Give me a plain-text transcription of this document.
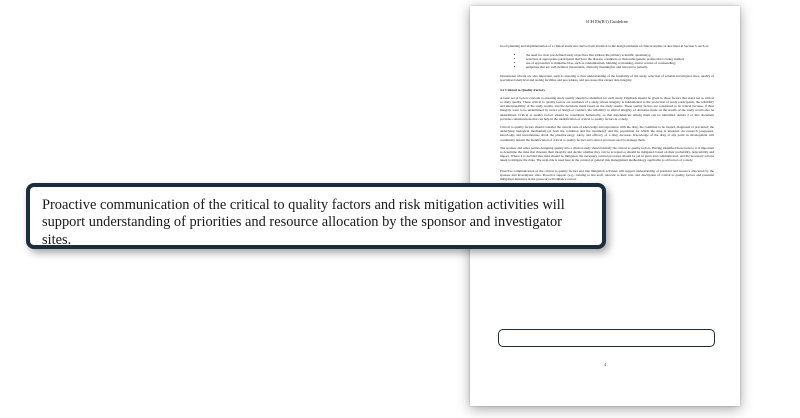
ICH E6(R1) Guideline

Good planning and implementation of a clinical study also derive from attention to the design elements of clinical studies as described in Section 5, such as:

•	the need for clear pre-defined study objectives that address the primary scientific question(s);
•	selection of appropriate participants that have the disease, condition, or molecular/genetic profile that is being studied;
•	use of approaches to minimise bias, such as randomisation, blinding or masking, and/or control of confounding;
•	endpoints that are well-defined, measurable, clinically meaningful, and relevant to patients.

Operational criteria are also important, such as ensuring a clear understanding of the feasibility of the study, selection of suitable investigator sites, quality of specialised analytical and testing facilities and procedures, and processes that ensure data integrity.

3.2 Critical to Quality Factors

A basic set of factors relevant to ensuring study quality should be identified for each study. Emphasis should be given to those factors that stand out as critical to study quality. These critical to quality factors are attributes of a study whose integrity is fundamental to the protection of study participants, the reliability and interpretability of the study results, and the decisions made based on the study results. These quality factors are considered to be critical because, if their integrity were to be undermined by errors of design or conduct, the reliability or ethical integrity of decisions made on the results of the study would also be undermined. Critical to quality factors should be considered holistically, so that dependencies among them can be identified. Annex 2 of this document provides considerations that can help in the identification of critical to quality factors in a study.

Critical to quality factors should consider the current state of knowledge and experience with the drug, the condition to be treated, diagnosed or prevented; the underlying biological mechanism (of both the condition and the treatment); and the population for which the drug is intended. As research progresses, knowledge and uncertainties about the pharmacology, safety and efficacy of a drug decrease. Knowledge of the drug at any point in development will continually inform the identification of critical to quality factors and control processes used to manage them.

The sponsor and other parties designing quality into a clinical study should identify the critical to quality factors. Having identified those factors, it is important to determine the risks that threaten their integrity and decide whether they can be accepted or should be mitigated, based on their probability, detectability and impact. Where it is decided that risks should be mitigated, the necessary control processes should be put in place and communicated, and the necessary actions taken to mitigate the risks. The term risk is used here in the context of general risk management methodology applicable to all factors of a study.

Proactive communication of the critical to quality factors and risk mitigation activities will support understanding of priorities and resource allocation by the sponsor and investigator sites. Proactive support (e.g., training to site staff, relevant to their role, and description of critical to quality factors and potential mitigation measures in the protocol) will enhance correct

4
Proactive communication of the critical to quality factors and risk mitigation activities will support understanding of priorities and resource allocation by the sponsor and investigator sites.
